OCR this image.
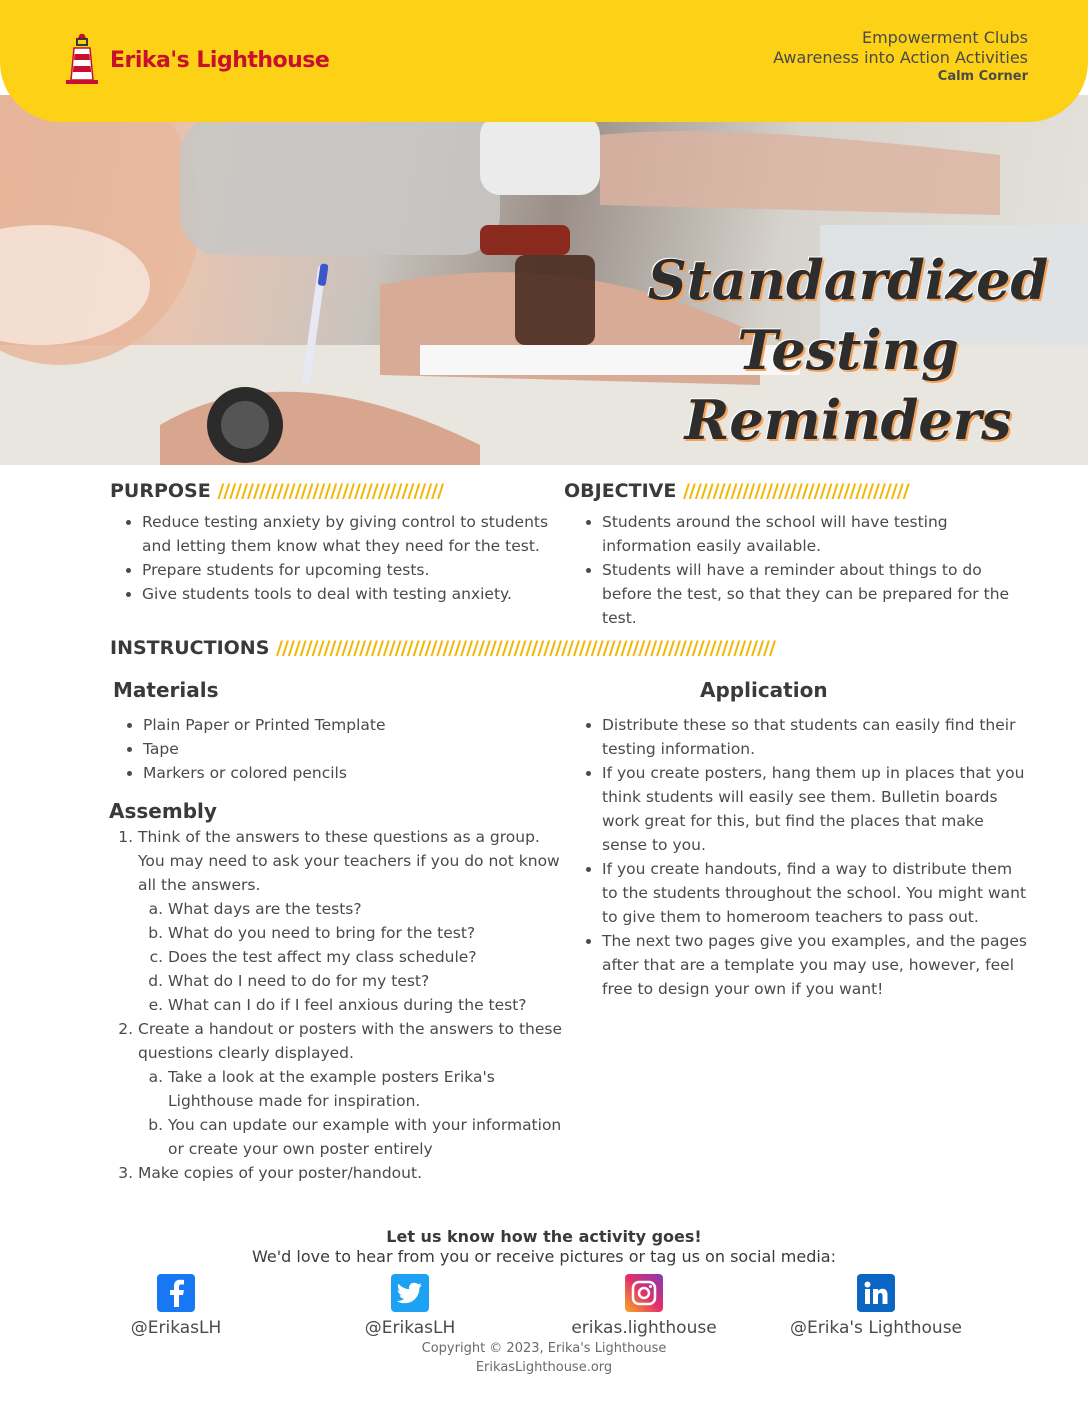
Erika's Lighthouse
Empowerment Clubs
Awareness into Action Activities
Calm Corner
Standardized
Testing
Reminders
PURPOSE //////////////////////////////////////
• Reduce testing anxiety by giving control to students and letting them know what they need for the test.
• Prepare students for upcoming tests.
• Give students tools to deal with testing anxiety.
OBJECTIVE //////////////////////////////////////
• Students around the school will have testing information easily available.
• Students will have a reminder about things to do before the test, so that they can be prepared for the test.
INSTRUCTIONS ////////////////////////////////////////////////////////////////////////////////////
Materials
• Plain Paper or Printed Template
• Tape
• Markers or colored pencils
Assembly
1. Think of the answers to these questions as a group. You may need to ask your teachers if you do not know all the answers.
a. What days are the tests?
b. What do you need to bring for the test?
c. Does the test affect my class schedule?
d. What do I need to do for my test?
e. What can I do if I feel anxious during the test?
2. Create a handout or posters with the answers to these questions clearly displayed.
a. Take a look at the example posters Erika's Lighthouse made for inspiration.
b. You can update our example with your information or create your own poster entirely
3. Make copies of your poster/handout.
Application
• Distribute these so that students can easily find their testing information.
• If you create posters, hang them up in places that you think students will easily see them. Bulletin boards work great for this, but find the places that make sense to you.
• If you create handouts, find a way to distribute them to the students throughout the school. You might want to give them to homeroom teachers to pass out.
• The next two pages give you examples, and the pages after that are a template you may use, however, feel free to design your own if you want!
Let us know how the activity goes!
We'd love to hear from you or receive pictures or tag us on social media:
@ErikasLH	@ErikasLH	erikas.lighthouse	@Erika's Lighthouse
Copyright © 2023, Erika's Lighthouse
ErikasLighthouse.org
